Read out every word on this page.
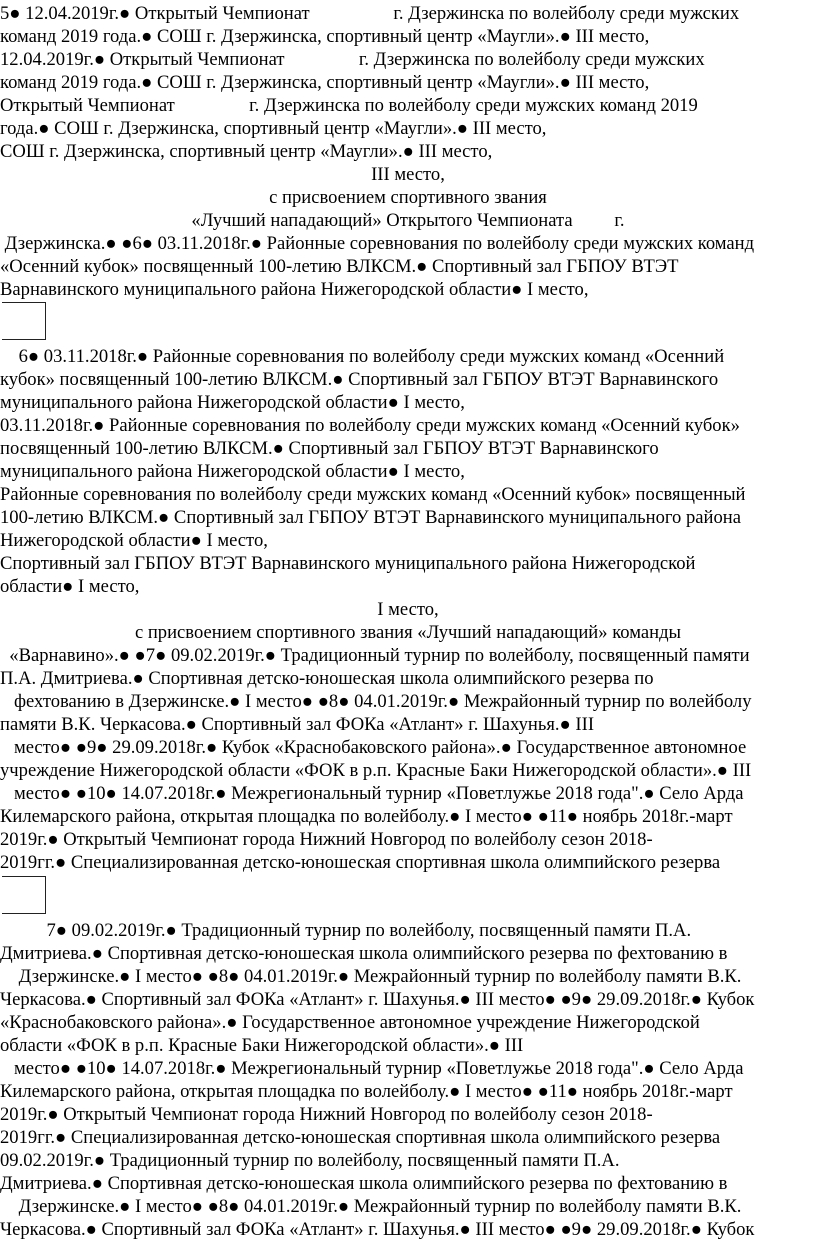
5● 12.04.2019г.● Открытый Чемпионат                  г. Дзержинска по волейболу среди мужских
команд 2019 года.● СОШ г. Дзержинска, спортивный центр «Маугли».● III место,
12.04.2019г.● Открытый Чемпионат                г. Дзержинска по волейболу среди мужских
команд 2019 года.● СОШ г. Дзержинска, спортивный центр «Маугли».● III место,
Открытый Чемпионат                г. Дзержинска по волейболу среди мужских команд 2019
года.● СОШ г. Дзержинска, спортивный центр «Маугли».● III место,
СОШ г. Дзержинска, спортивный центр «Маугли».● III место,
III место,
с присвоением спортивного звания
«Лучший нападающий» Открытого Чемпионата         г.
Дзержинска.● ●6● 03.11.2018г.● Районные соревнования по волейболу среди мужских команд
«Осенний кубок» посвященный 100-летию ВЛКСМ.● Спортивный зал ГБПОУ ВТЭТ
Варнавинского муниципального района Нижегородской области● I место,
6● 03.11.2018г.● Районные соревнования по волейболу среди мужских команд «Осенний
кубок» посвященный 100-летию ВЛКСМ.● Спортивный зал ГБПОУ ВТЭТ Варнавинского
муниципального района Нижегородской области● I место,
03.11.2018г.● Районные соревнования по волейболу среди мужских команд «Осенний кубок»
посвященный 100-летию ВЛКСМ.● Спортивный зал ГБПОУ ВТЭТ Варнавинского
муниципального района Нижегородской области● I место,
Районные соревнования по волейболу среди мужских команд «Осенний кубок» посвященный
100-летию ВЛКСМ.● Спортивный зал ГБПОУ ВТЭТ Варнавинского муниципального района
Нижегородской области● I место,
Спортивный зал ГБПОУ ВТЭТ Варнавинского муниципального района Нижегородской
области● I место,
I место,
с присвоением спортивного звания «Лучший нападающий» команды
«Варнавино».● ●7● 09.02.2019г.● Традиционный турнир по волейболу, посвященный памяти
П.А. Дмитриева.● Спортивная детско-юношеская школа олимпийского резерва по
фехтованию в Дзержинске.● I место● ●8● 04.01.2019г.● Межрайонный турнир по волейболу
памяти В.К. Черкасова.● Спортивный зал ФОКа «Атлант» г. Шахунья.● III
место● ●9● 29.09.2018г.● Кубок «Краснобаковского района».● Государственное автономное
учреждение Нижегородской области «ФОК в р.п. Красные Баки Нижегородской области».● III
место● ●10● 14.07.2018г.● Межрегиональный турнир «Поветлужье 2018 года".● Село Арда
Килемарского района, открытая площадка по волейболу.● I место● ●11● ноябрь 2018г.-март
2019г.● Открытый Чемпионат города Нижний Новгород по волейболу сезон 2018-
2019гг.● Специализированная детско-юношеская спортивная школа олимпийского резерва
7● 09.02.2019г.● Традиционный турнир по волейболу, посвященный памяти П.А.
Дмитриева.● Спортивная детско-юношеская школа олимпийского резерва по фехтованию в
Дзержинске.● I место● ●8● 04.01.2019г.● Межрайонный турнир по волейболу памяти В.К.
Черкасова.● Спортивный зал ФОКа «Атлант» г. Шахунья.● III место● ●9● 29.09.2018г.● Кубок
«Краснобаковского района».● Государственное автономное учреждение Нижегородской
области «ФОК в р.п. Красные Баки Нижегородской области».● III
место● ●10● 14.07.2018г.● Межрегиональный турнир «Поветлужье 2018 года".● Село Арда
Килемарского района, открытая площадка по волейболу.● I место● ●11● ноябрь 2018г.-март
2019г.● Открытый Чемпионат города Нижний Новгород по волейболу сезон 2018-
2019гг.● Специализированная детско-юношеская спортивная школа олимпийского резерва
09.02.2019г.● Традиционный турнир по волейболу, посвященный памяти П.А.
Дмитриева.● Спортивная детско-юношеская школа олимпийского резерва по фехтованию в
Дзержинске.● I место● ●8● 04.01.2019г.● Межрайонный турнир по волейболу памяти В.К.
Черкасова.● Спортивный зал ФОКа «Атлант» г. Шахунья.● III место● ●9● 29.09.2018г.● Кубок
